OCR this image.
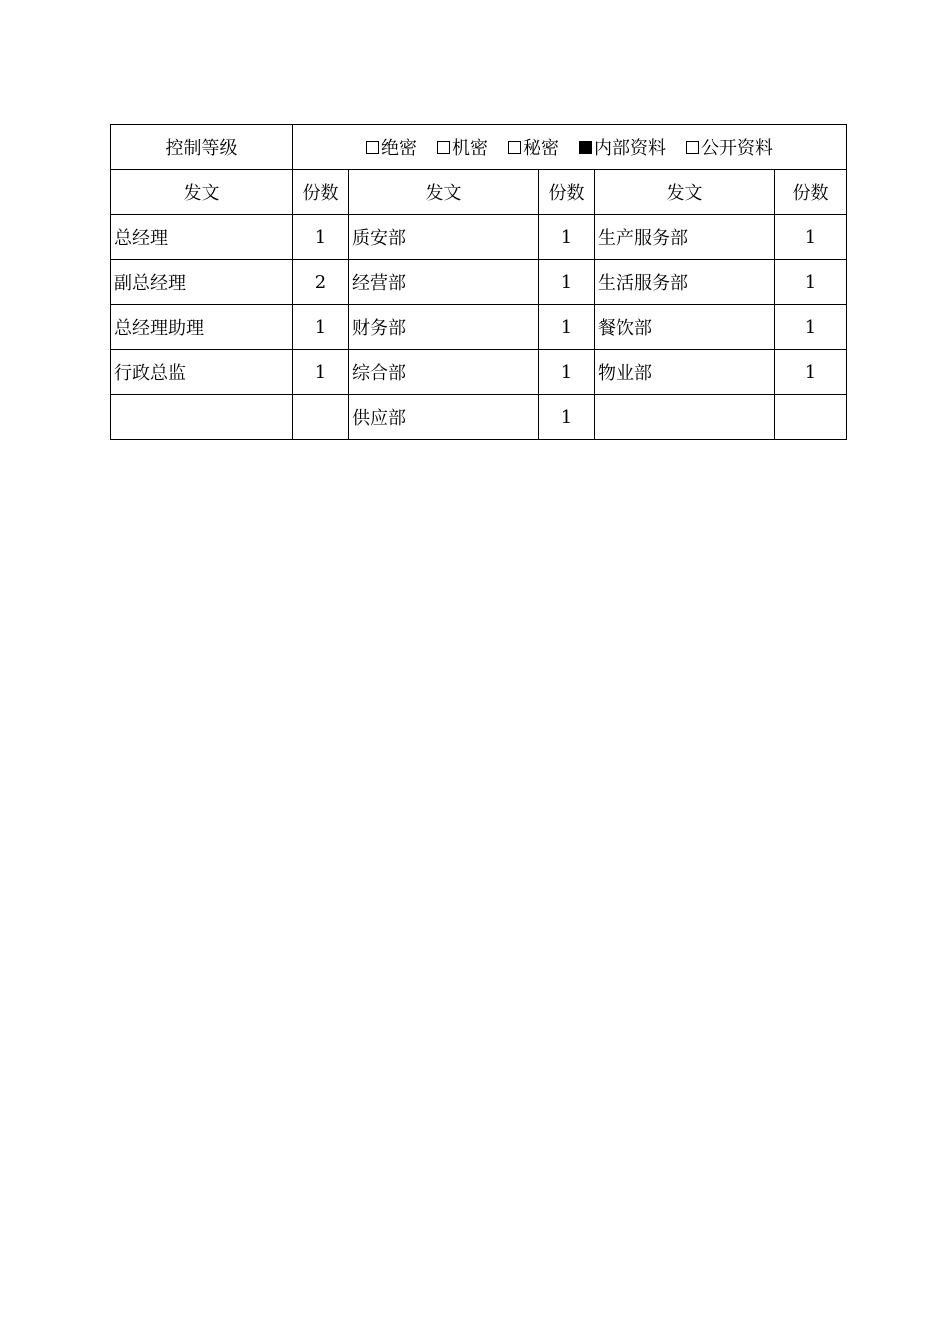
控制等级	绝密 机密 秘密 内部资料 公开资料				

发文	份数	发文	份数	发文	份数
总经理	1	质安部	1	生产服务部	1
副总经理	2	经营部	1	生活服务部	1
总经理助理	1	财务部	1	餐饮部	1
行政总监	1	综合部	1	物业部	1
		供应部	1		
